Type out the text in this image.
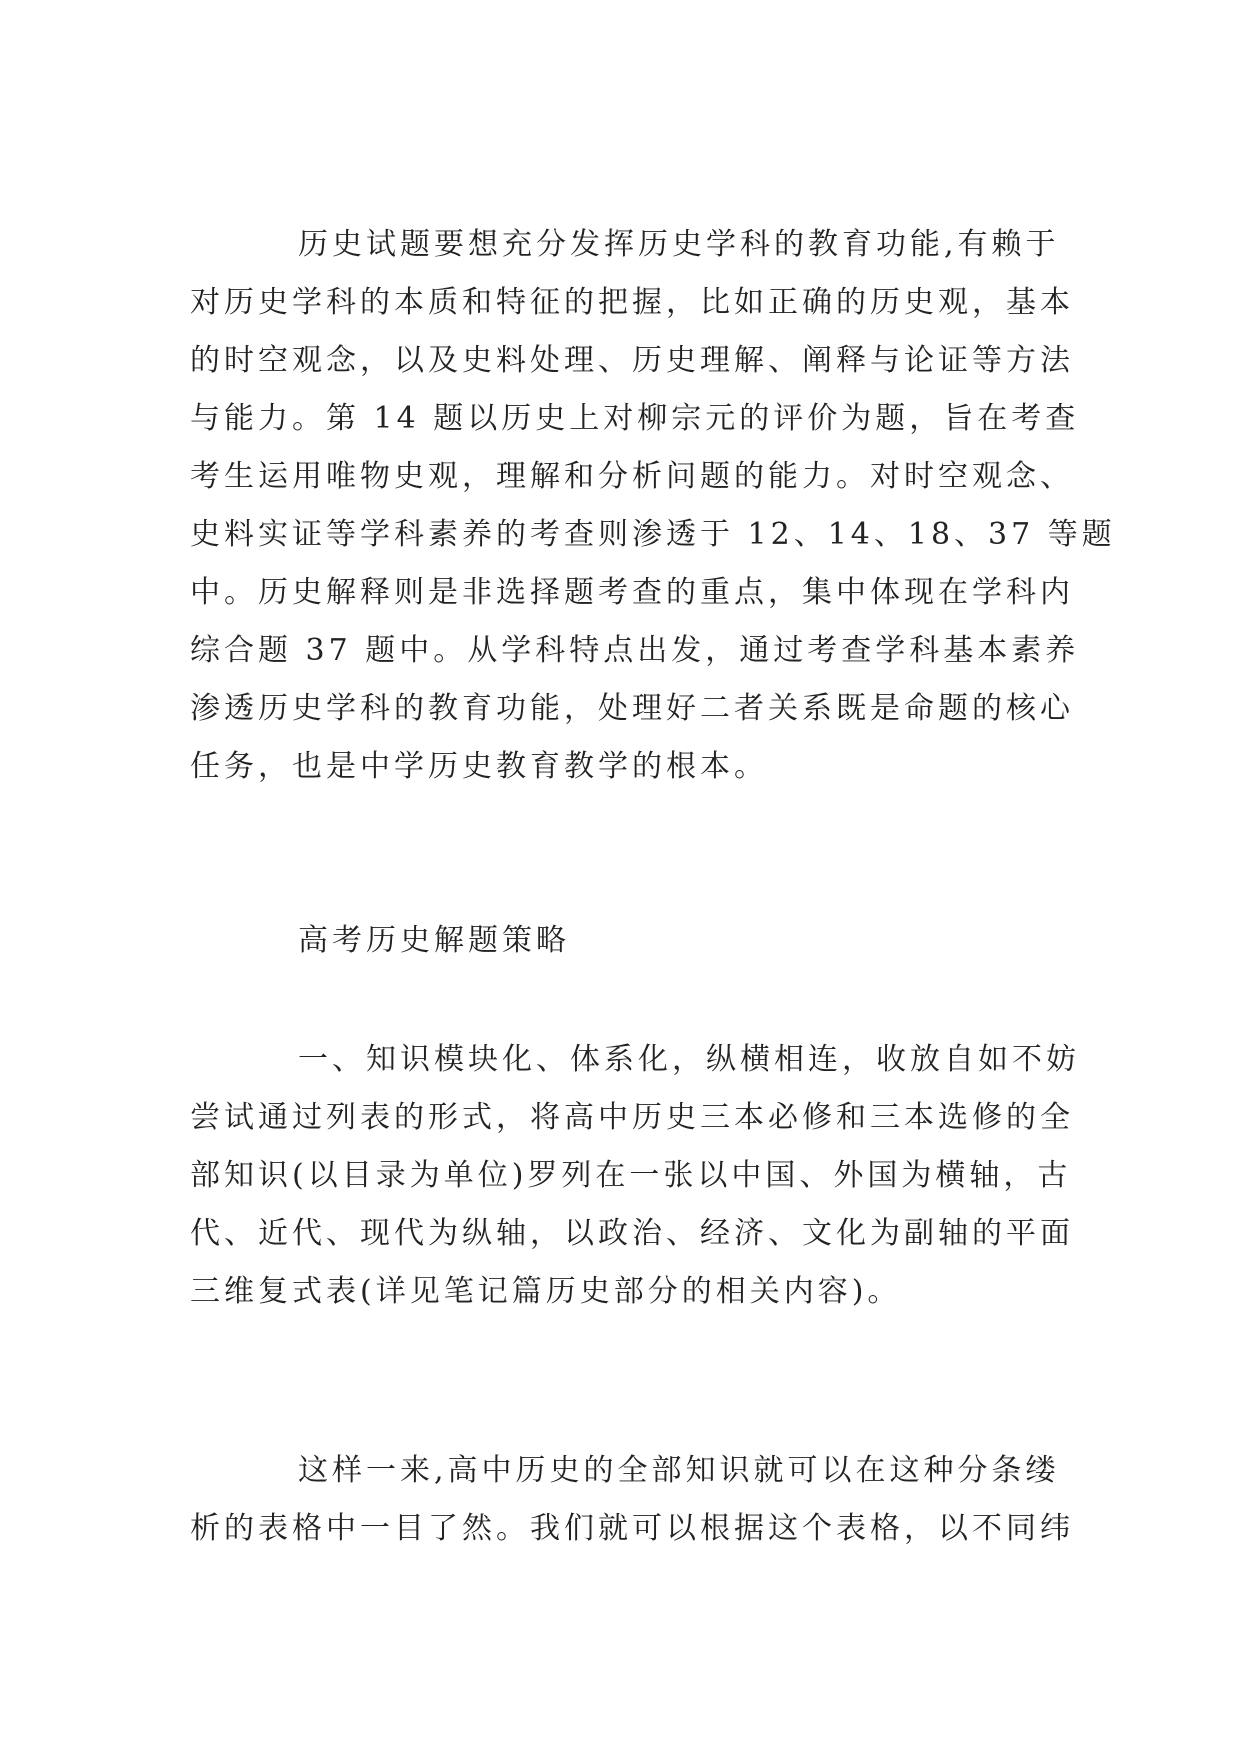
历史试题要想充分发挥历史学科的教育功能,有赖于
对历史学科的本质和特征的把握，比如正确的历史观，基本
的时空观念，以及史料处理、历史理解、阐释与论证等方法
与能力。第 14 题以历史上对柳宗元的评价为题，旨在考查
考生运用唯物史观，理解和分析问题的能力。对时空观念、
史料实证等学科素养的考查则渗透于 12、14、18、37 等题
中。历史解释则是非选择题考查的重点，集中体现在学科内
综合题 37 题中。从学科特点出发，通过考查学科基本素养
渗透历史学科的教育功能，处理好二者关系既是命题的核心
任务，也是中学历史教育教学的根本。
高考历史解题策略
一、知识模块化、体系化，纵横相连，收放自如不妨
尝试通过列表的形式，将高中历史三本必修和三本选修的全
部知识(以目录为单位)罗列在一张以中国、外国为横轴，古
代、近代、现代为纵轴，以政治、经济、文化为副轴的平面
三维复式表(详见笔记篇历史部分的相关内容)。
这样一来,高中历史的全部知识就可以在这种分条缕
析的表格中一目了然。我们就可以根据这个表格，以不同纬
